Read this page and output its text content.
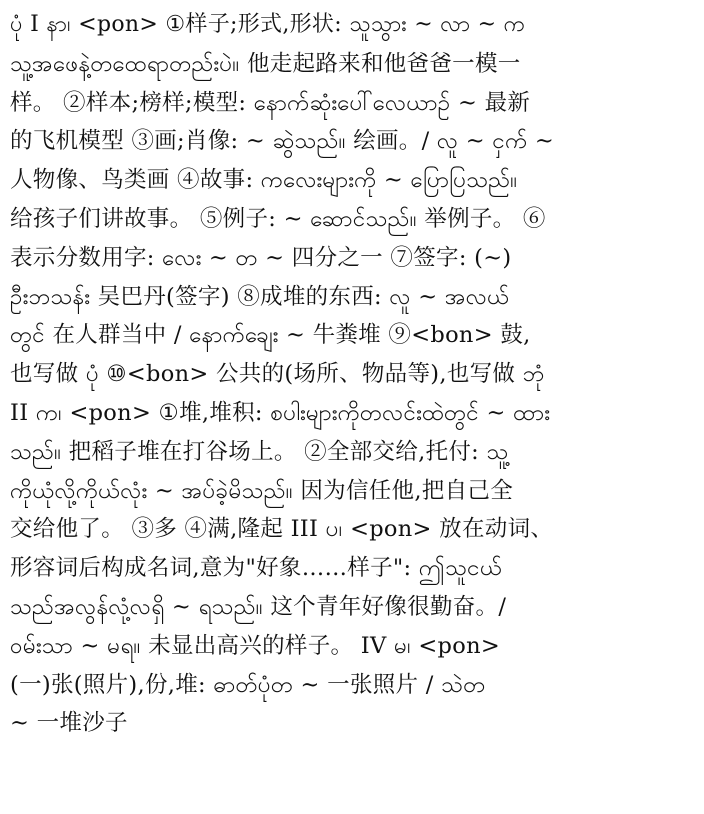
ပုံ I နာ၊ <pon> ①样子;形式,形状: သူသွား ~ လာ ~ က
သူ့အဖေနဲ့တထေရာတည်းပဲ။ 他走起路来和他爸爸一模一
样。 ②样本;榜样;模型: နောက်ဆုံးပေါ်လေယာဉ် ~ 最新
的飞机模型 ③画;肖像: ~ ဆွဲသည်။ 绘画。/ လူ ~ ငှက် ~
人物像、鸟类画 ④故事: ကလေးများကို ~ ပြောပြသည်။
给孩子们讲故事。 ⑤例子: ~ ဆောင်သည်။ 举例子。 ⑥
表示分数用字: လေး ~ တ ~ 四分之一 ⑦签字: (~)
ဦးဘသန်း 吴巴丹(签字) ⑧成堆的东西: လူ ~ အလယ်
တွင် 在人群当中 / နောက်ချေး ~ 牛粪堆 ⑨<bon> 鼓,
也写做 ပုံ ⑩<bon> 公共的(场所、物品等),也写做 ဘုံ
II က၊ <pon> ①堆,堆积: စပါးများကိုတလင်းထဲတွင် ~ ထား
သည်။ 把稻子堆在打谷场上。 ②全部交给,托付: သူ့
ကိုယုံလို့ကိုယ်လုံး ~ အပ်ခဲ့မိသည်။ 因为信任他,把自己全
交给他了。 ③多 ④满,隆起 III ပ၊ <pon> 放在动词、
形容词后构成名词,意为"好象……样子": ဤသူငယ်
သည်အလွန်လုံ့လရှိ ~ ရသည်။ 这个青年好像很勤奋。/
ဝမ်းသာ ~ မရ။ 未显出高兴的样子。 IV မ၊ <pon>
(一)张(照片),份,堆: ဓာတ်ပုံတ ~ 一张照片 / သဲတ
~ 一堆沙子
